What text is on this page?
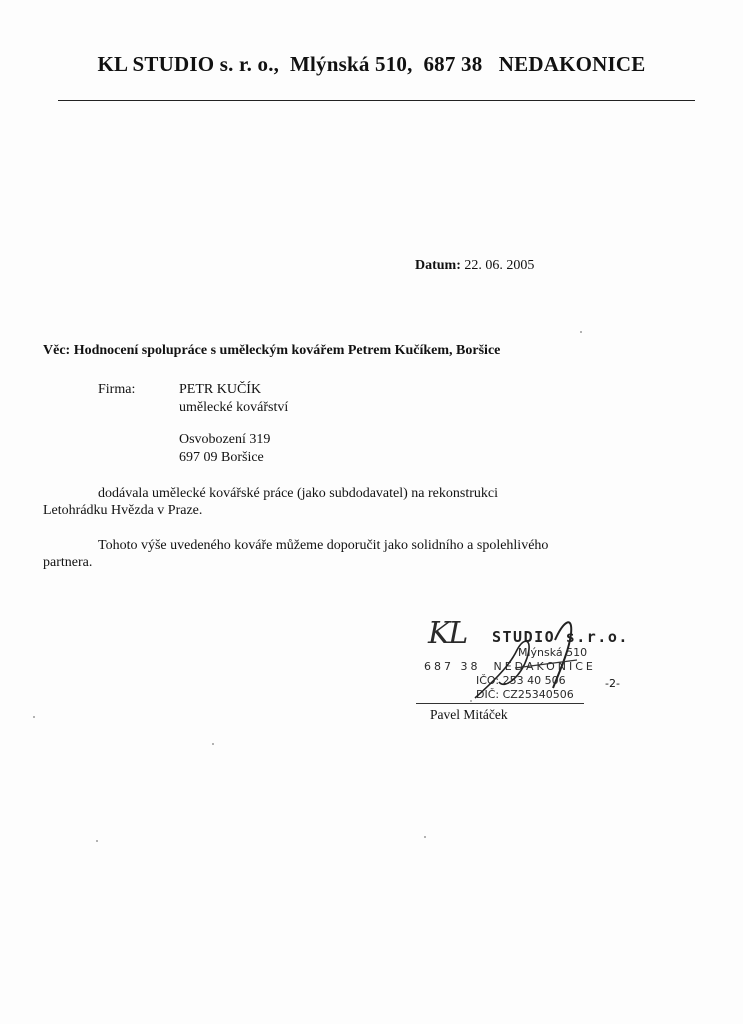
KL STUDIO s. r. o.,  Mlýnská 510,  687 38   NEDAKONICE
Datum: 22. 06. 2005
Věc: Hodnocení spolupráce s uměleckým kovářem Petrem Kučíkem, Boršice
Firma:	PETR KUČÍK
umělecké kovářství
Osvobození 319
697 09 Boršice
dodávala umělecké kovářské práce (jako subdodavatel) na rekonstrukci
Letohrádku Hvězda v Praze.
Tohoto výše uvedeného kováře můžeme doporučit jako solidního a spolehlivého
partnera.
KL STUDIO s.r.o.
Mlýnská 510
687 38  NEDAKONICE
IČO: 253 40 506
DIČ: CZ25340506
-2-
Pavel Mitáček
